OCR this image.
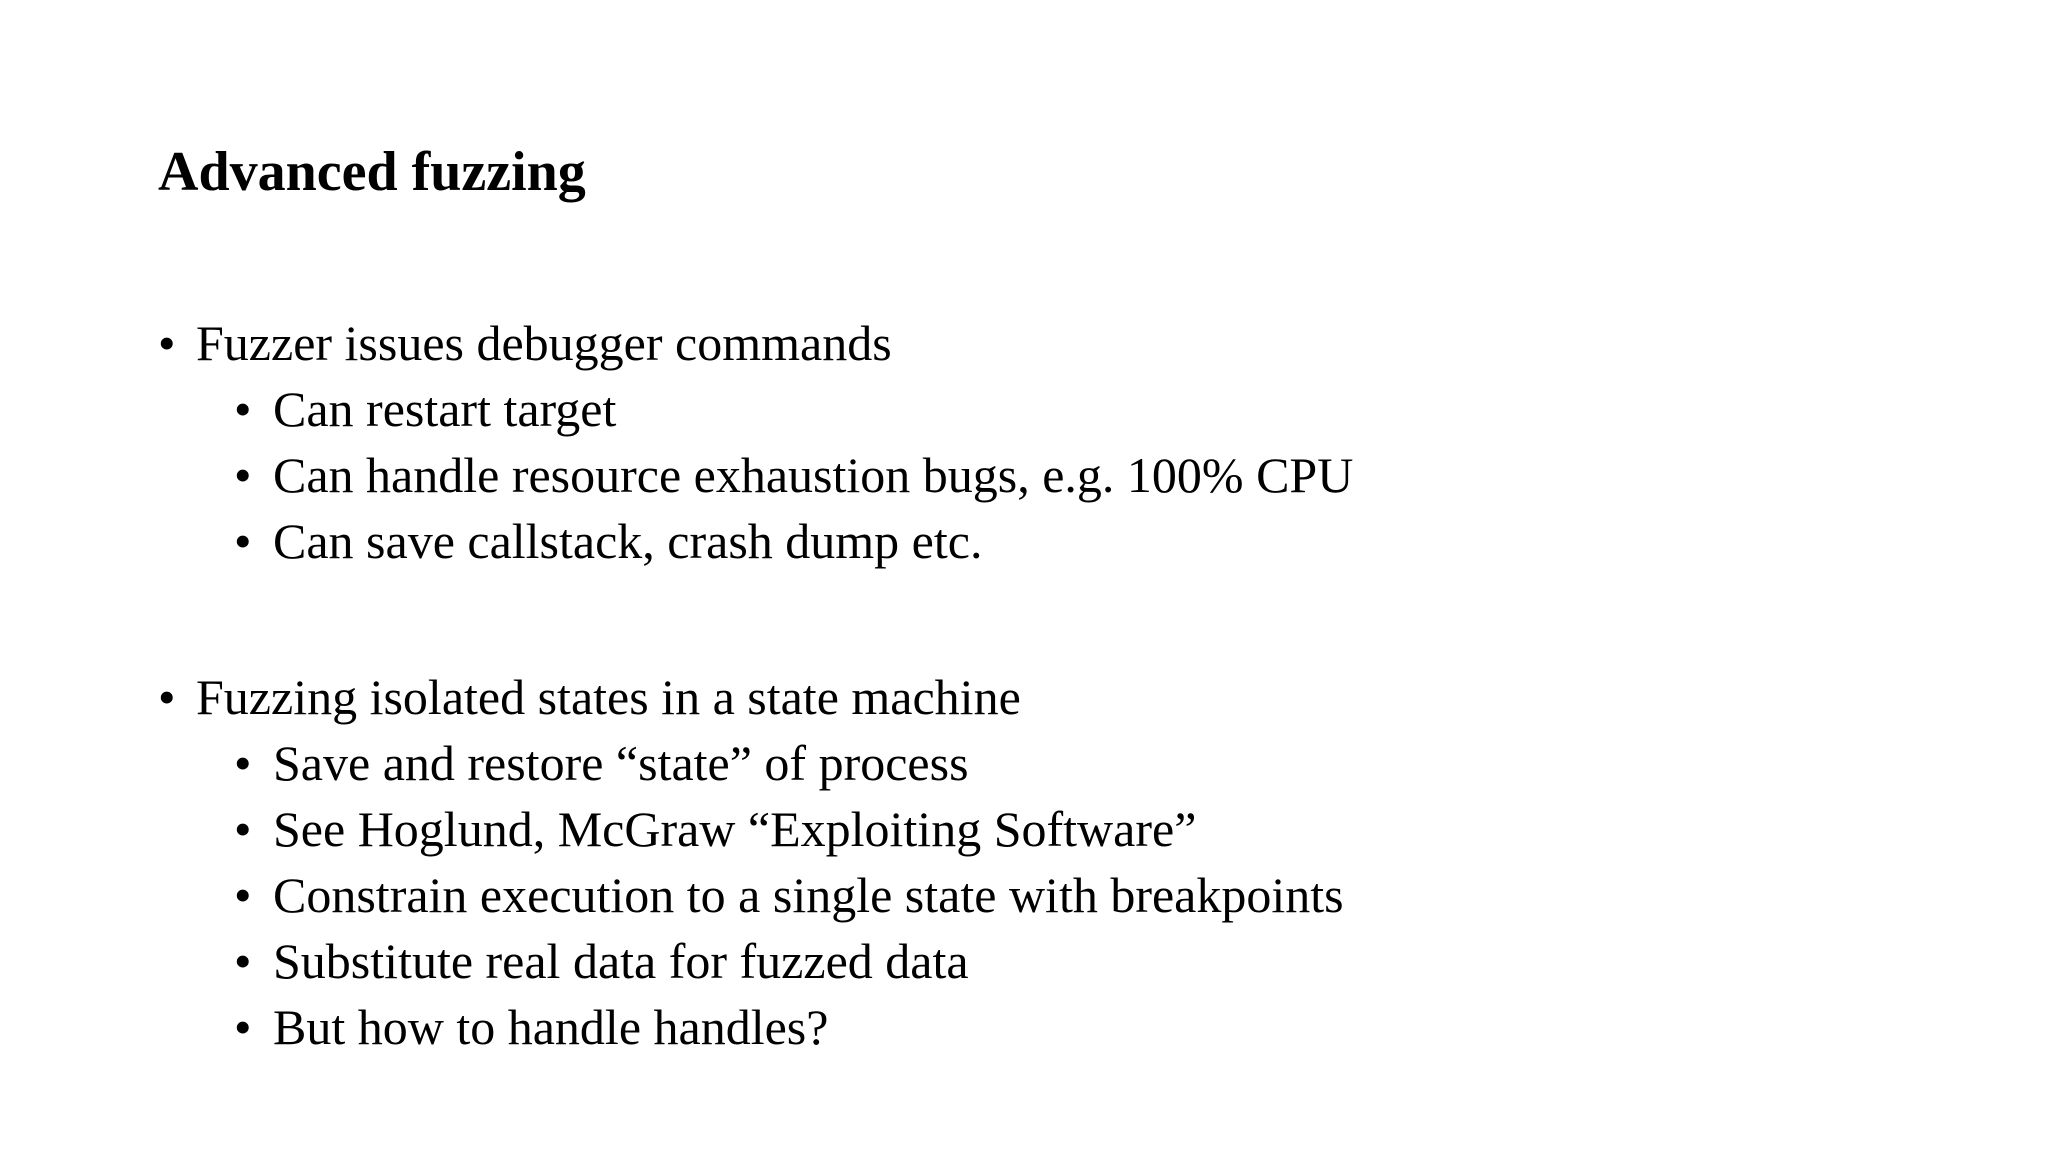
Advanced fuzzing
• Fuzzer issues debugger commands
• Can restart target
• Can handle resource exhaustion bugs, e.g. 100% CPU
• Can save callstack, crash dump etc.
• Fuzzing isolated states in a state machine
• Save and restore “state” of process
• See Hoglund, McGraw “Exploiting Software”
• Constrain execution to a single state with breakpoints
• Substitute real data for fuzzed data
• But how to handle handles?
